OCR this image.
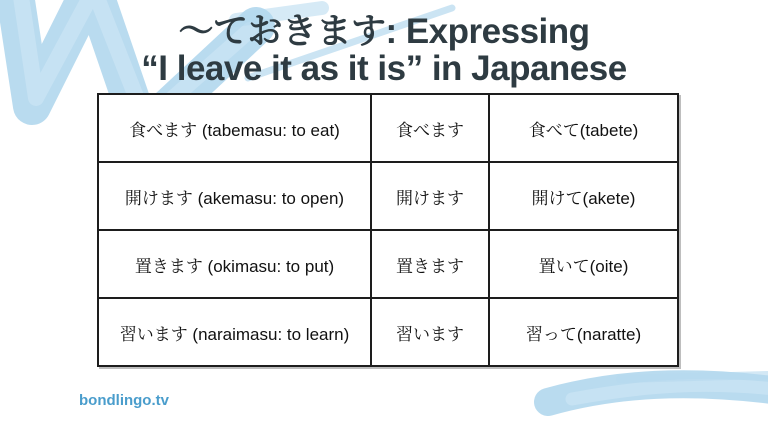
〜ておきます: Expressing
“I leave it as it is” in Japanese
食べます (tabemasu: to eat)	食べます	食べて(tabete)
開けます (akemasu: to open)	開けます	開けて(akete)
置きます (okimasu: to put)	置きます	置いて(oite)
習います (naraimasu: to learn)	習います	習って(naratte)
bondlingo.tv
